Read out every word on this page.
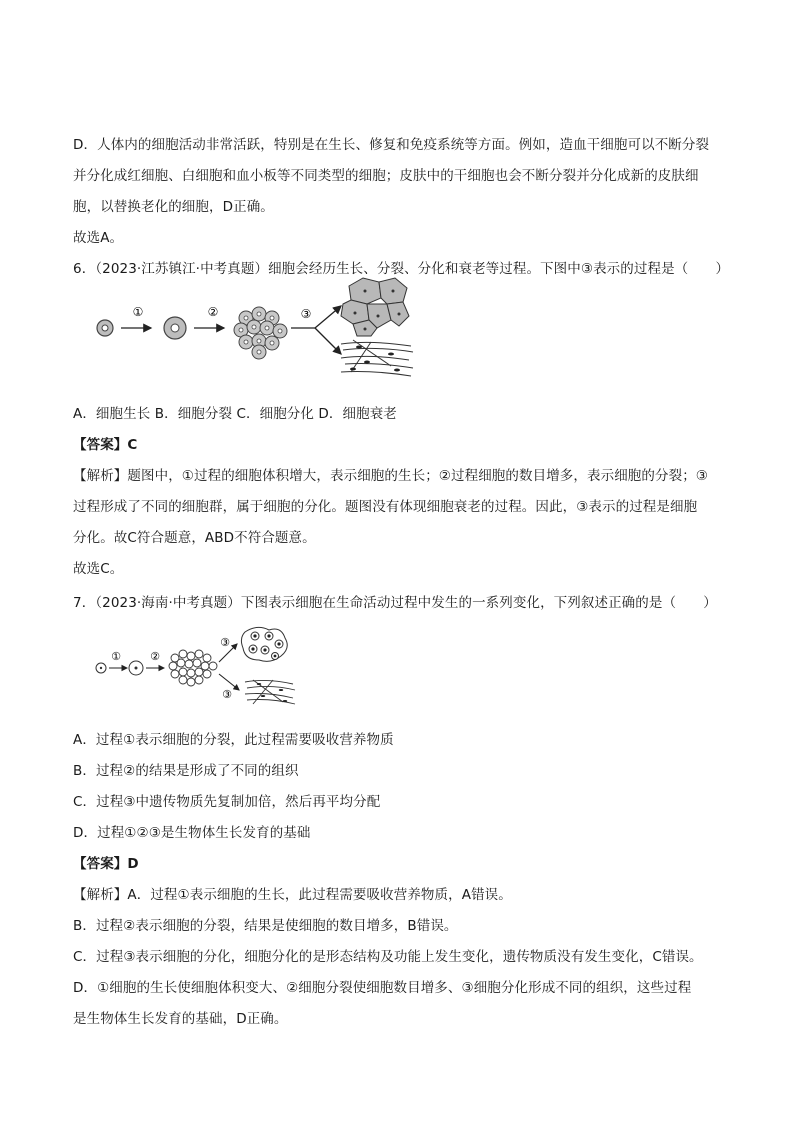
D．人体内的细胞活动非常活跃，特别是在生长、修复和免疫系统等方面。例如，造血干细胞可以不断分裂
并分化成红细胞、白细胞和血小板等不同类型的细胞；皮肤中的干细胞也会不断分裂并分化成新的皮肤细
胞，以替换老化的细胞，D正确。
故选A。
6．（2023·江苏镇江·中考真题）细胞会经历生长、分裂、分化和衰老等过程。下图中③表示的过程是（　　）
①	②	③
A．细胞生长 B．细胞分裂 C．细胞分化 D．细胞衰老
【答案】C
【解析】题图中，①过程的细胞体积增大，表示细胞的生长；②过程细胞的数目增多，表示细胞的分裂；③
过程形成了不同的细胞群，属于细胞的分化。题图没有体现细胞衰老的过程。因此，③表示的过程是细胞
分化。故C符合题意，ABD不符合题意。
故选C。
7．（2023·海南·中考真题）下图表示细胞在生命活动过程中发生的一系列变化，下列叙述正确的是（　　）
①	②
③
③
A．过程①表示细胞的分裂，此过程需要吸收营养物质
B．过程②的结果是形成了不同的组织
C．过程③中遗传物质先复制加倍，然后再平均分配
D．过程①②③是生物体生长发育的基础
【答案】D
【解析】A．过程①表示细胞的生长，此过程需要吸收营养物质，A错误。
B．过程②表示细胞的分裂，结果是使细胞的数目增多，B错误。
C．过程③表示细胞的分化，细胞分化的是形态结构及功能上发生变化，遗传物质没有发生变化，C错误。
D．①细胞的生长使细胞体积变大、②细胞分裂使细胞数目增多、③细胞分化形成不同的组织，这些过程
是生物体生长发育的基础，D正确。
